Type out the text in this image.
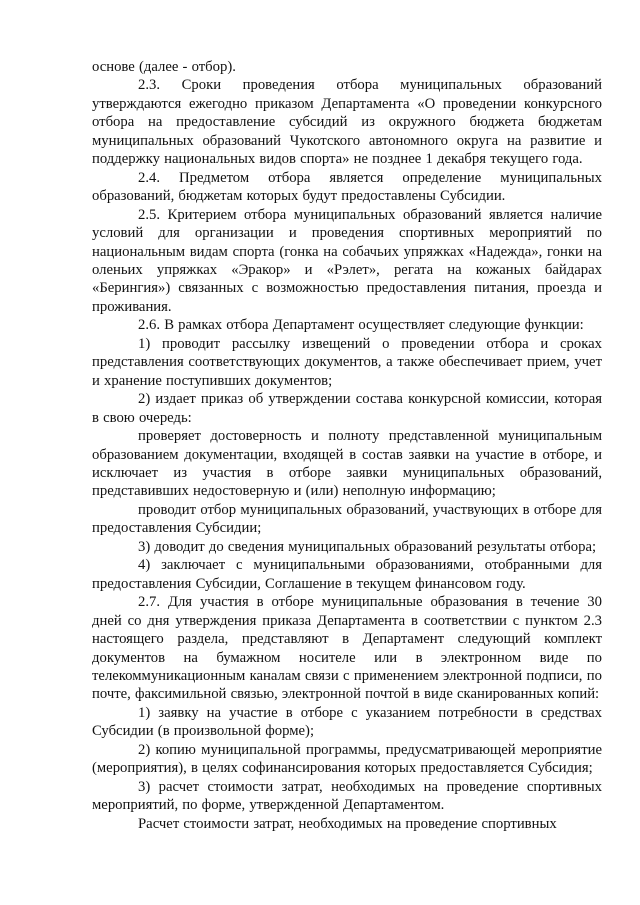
основе (далее - отбор).

2.3. Сроки проведения отбора муниципальных образований утверждаются ежегодно приказом Департамента «О проведении конкурсного отбора на предоставление субсидий из окружного бюджета бюджетам муниципальных образований Чукотского автономного округа на развитие и поддержку национальных видов спорта» не позднее 1 декабря текущего года.

2.4. Предметом отбора является определение муниципальных образований, бюджетам которых будут предоставлены Субсидии.

2.5. Критерием отбора муниципальных образований является наличие условий для организации и проведения спортивных мероприятий по национальным видам спорта (гонка на собачьих упряжках «Надежда», гонки на оленьих упряжках «Эракор» и «Рэлет», регата на кожаных байдарах «Берингия») связанных с возможностью предоставления питания, проезда и проживания.

2.6. В рамках отбора Департамент осуществляет следующие функции:

1) проводит рассылку извещений о проведении отбора и сроках представления соответствующих документов, а также обеспечивает прием, учет и хранение поступивших документов;

2) издает приказ об утверждении состава конкурсной комиссии, которая в свою очередь:

проверяет достоверность и полноту представленной муниципальным образованием документации, входящей в состав заявки на участие в отборе, и исключает из участия в отборе заявки муниципальных образований, представивших недостоверную и (или) неполную информацию;

проводит отбор муниципальных образований, участвующих в отборе для предоставления Субсидии;

3) доводит до сведения муниципальных образований результаты отбора;

4) заключает с муниципальными образованиями, отобранными для предоставления Субсидии, Соглашение в текущем финансовом году.

2.7. Для участия в отборе муниципальные образования в течение 30 дней со дня утверждения приказа Департамента в соответствии с пунктом 2.3 настоящего раздела, представляют в Департамент следующий комплект документов на бумажном носителе или в электронном виде по телекоммуникационным каналам связи с применением электронной подписи, по почте, факсимильной связью, электронной почтой в виде сканированных копий:

1) заявку на участие в отборе с указанием потребности в средствах Субсидии (в произвольной форме);

2) копию муниципальной программы, предусматривающей мероприятие (мероприятия), в целях софинансирования которых предоставляется Субсидия;

3) расчет стоимости затрат, необходимых на проведение спортивных мероприятий, по форме, утвержденной Департаментом.

Расчет стоимости затрат, необходимых на проведение спортивных
